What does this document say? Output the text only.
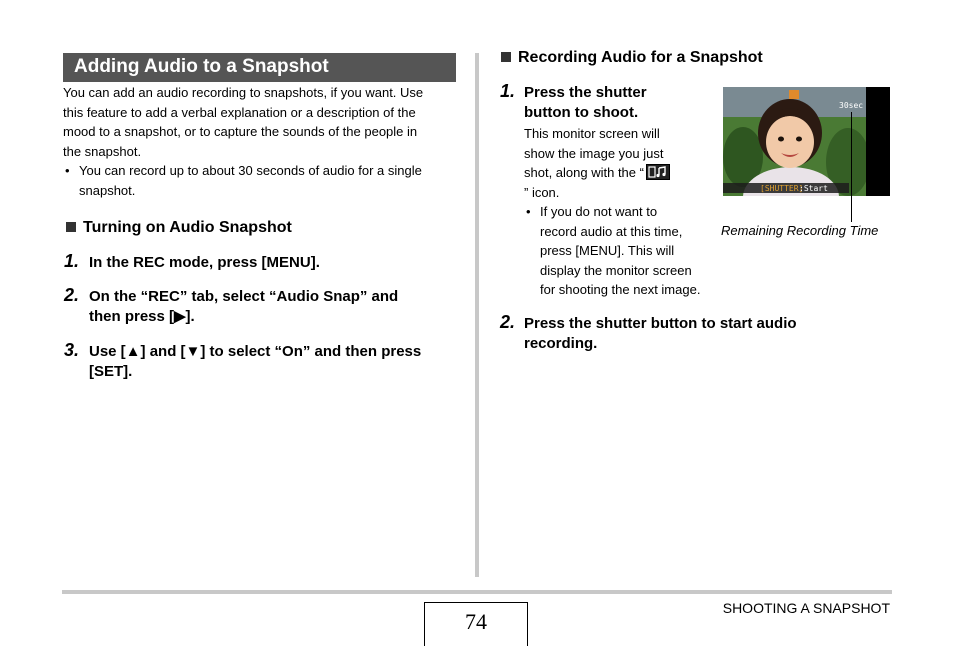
Adding Audio to a Snapshot
You can add an audio recording to snapshots, if you want. Use
this feature to add a verbal explanation or a description of the
mood to a snapshot, or to capture the sounds of the people in
the snapshot.
• You can record up to about 30 seconds of audio for a single
snapshot.
Turning on Audio Snapshot
1. In the REC mode, press [MENU].
2. On the “REC” tab, select “Audio Snap” and
then press [▶].
3. Use [▲] and [▼] to select “On” and then press
[SET].
Recording Audio for a Snapshot
1. Press the shutter
button to shoot.
This monitor screen will
show the image you just
shot, along with the “
” icon.
• If you do not want to
record audio at this time,
press [MENU]. This will
display the monitor screen
for shooting the next image.
30sec
[SHUTTER]
:Start
Remaining Recording Time
2. Press the shutter button to start audio
recording.
74
SHOOTING A SNAPSHOT
